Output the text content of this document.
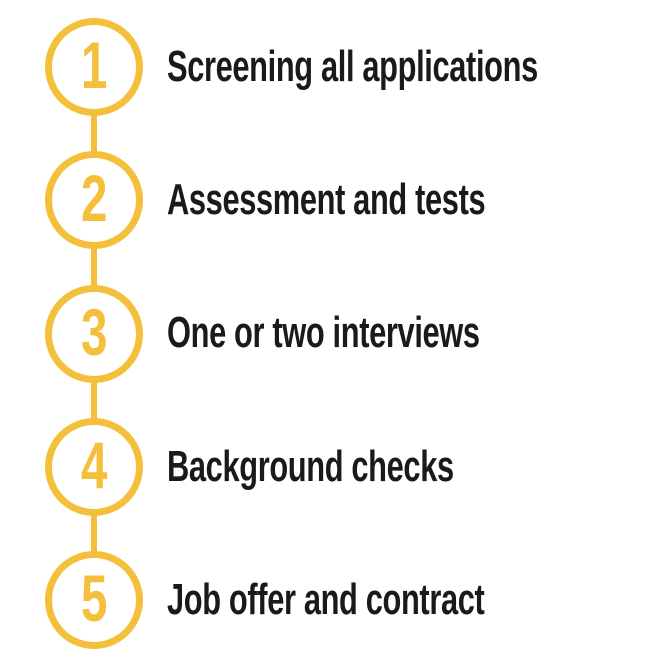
1 Screening all applications
2 Assessment and tests
3 One or two interviews
4 Background checks
5 Job offer and contract
